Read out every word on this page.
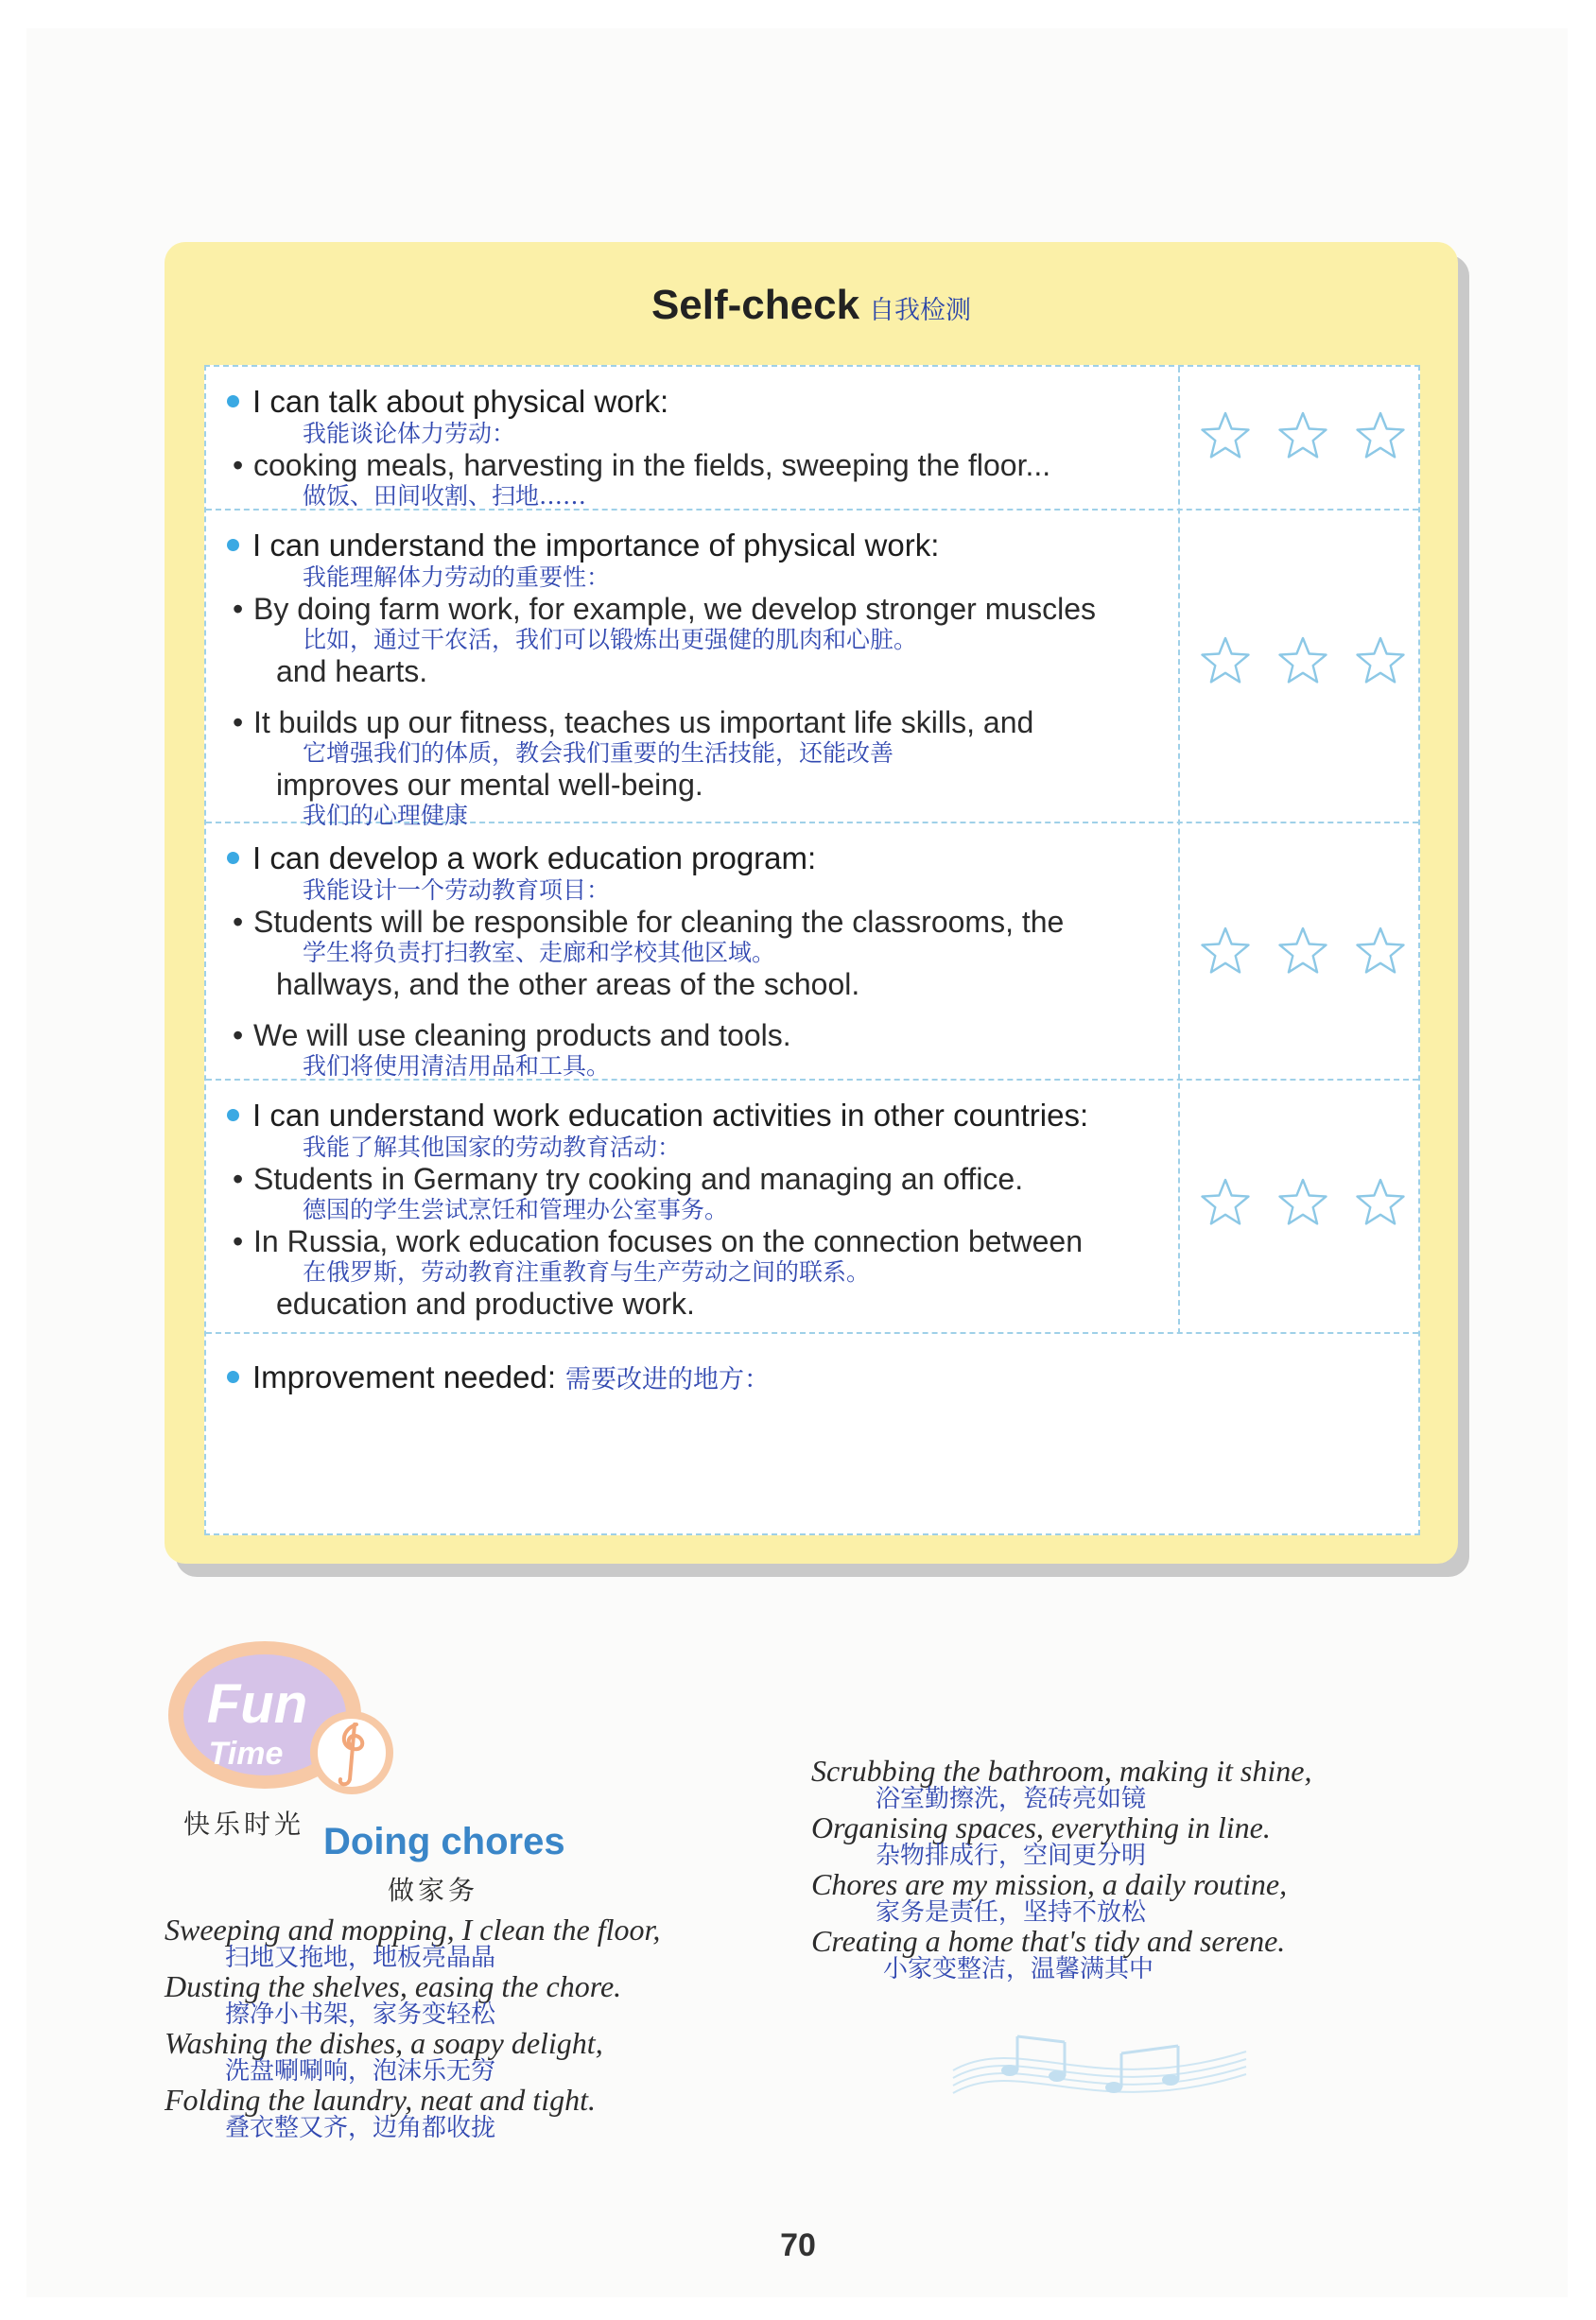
Self-check 自我检测
I can talk about physical work:
我能谈论体力劳动：
• cooking meals, harvesting in the fields, sweeping the floor...
做饭、田间收割、扫地……
I can understand the importance of physical work:
我能理解体力劳动的重要性：
• By doing farm work, for example, we develop stronger muscles
比如，通过干农活，我们可以锻炼出更强健的肌肉和心脏。
and hearts.
• It builds up our fitness, teaches us important life skills, and
它增强我们的体质，教会我们重要的生活技能，还能改善
improves our mental well-being.
我们的心理健康
I can develop a work education program:
我能设计一个劳动教育项目：
• Students will be responsible for cleaning the classrooms, the
学生将负责打扫教室、走廊和学校其他区域。
hallways, and the other areas of the school.
• We will use cleaning products and tools.
我们将使用清洁用品和工具。
I can understand work education activities in other countries:
我能了解其他国家的劳动教育活动：
• Students in Germany try cooking and managing an office.
德国的学生尝试烹饪和管理办公室事务。
• In Russia, work education focuses on the connection between
在俄罗斯，劳动教育注重教育与生产劳动之间的联系。
education and productive work.
Improvement needed: 需要改进的地方：
Fun
Time
快乐时光 Doing chores
做家务
Sweeping and mopping, I clean the floor,
扫地又拖地，地板亮晶晶
Dusting the shelves, easing the chore.
擦净小书架，家务变轻松
Washing the dishes, a soapy delight,
洗盘唰唰响，泡沫乐无穷
Folding the laundry, neat and tight.
叠衣整又齐，边角都收拢
Scrubbing the bathroom, making it shine,
浴室勤擦洗，瓷砖亮如镜
Organising spaces, everything in line.
杂物排成行，空间更分明
Chores are my mission, a daily routine,
家务是责任，坚持不放松
Creating a home that's tidy and serene.
小家变整洁，温馨满其中
70
